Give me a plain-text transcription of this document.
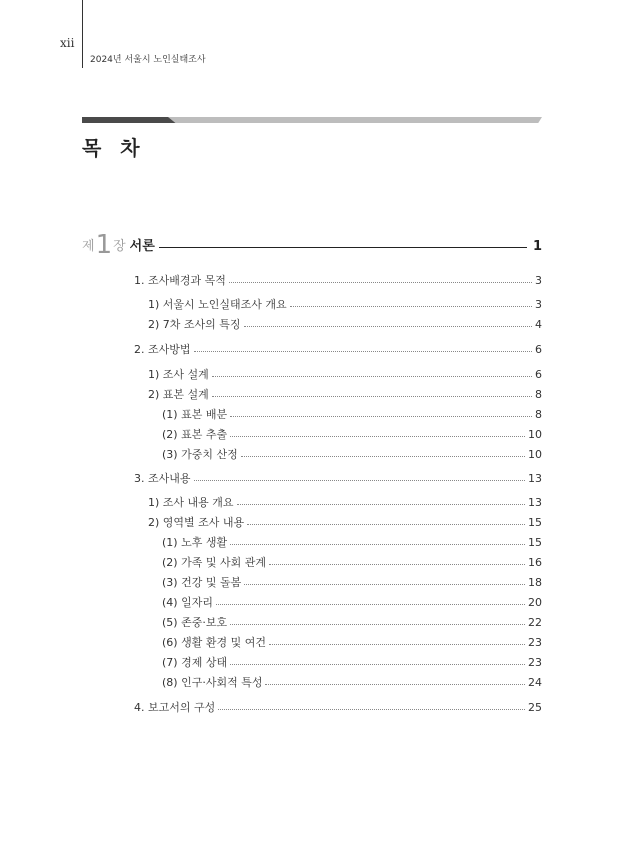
xii
2024년 서울시 노인실태조사
목 차
제 1 장 서론	1
1. 조사배경과 목적	3
1) 서울시 노인실태조사 개요	3
2) 7차 조사의 특징	4
2. 조사방법	6
1) 조사 설계	6
2) 표본 설계	8
(1) 표본 배분	8
(2) 표본 추출	10
(3) 가중치 산정	10
3. 조사내용	13
1) 조사 내용 개요	13
2) 영역별 조사 내용	15
(1) 노후 생활	15
(2) 가족 및 사회 관계	16
(3) 건강 및 돌봄	18
(4) 일자리	20
(5) 존중·보호	22
(6) 생활 환경 및 여건	23
(7) 경제 상태	23
(8) 인구·사회적 특성	24
4. 보고서의 구성	25
